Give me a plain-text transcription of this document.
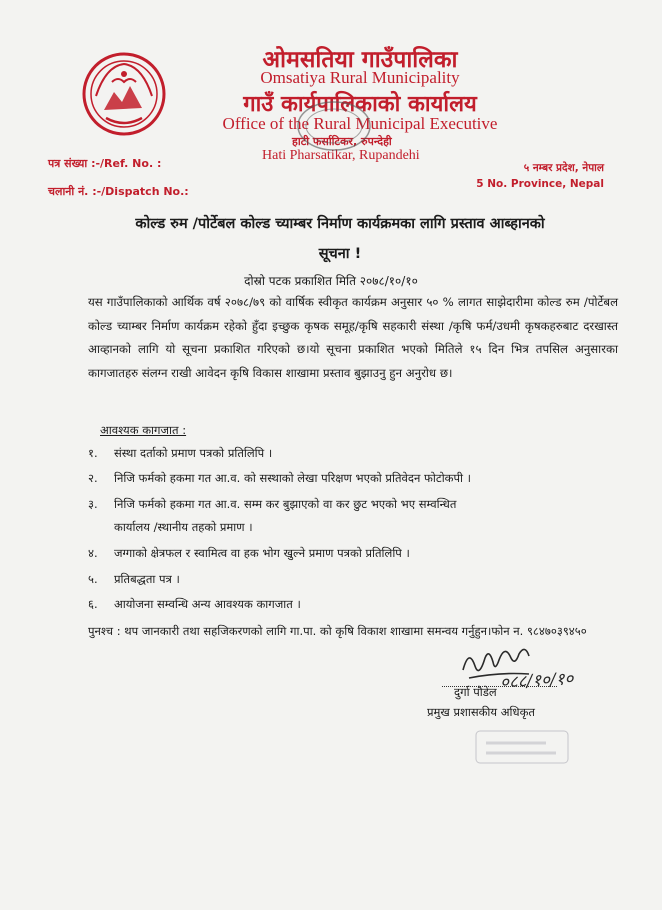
ओमसतिया गाउँपालिका
Omsatiya Rural Municipality
गाउँ कार्यपालिकाको कार्यालय
Office of the Rural Municipal Executive
हाटी फर्साटिकर, रुपन्देही
Hati Pharsatikar, Rupandehi
पत्र संख्या :-/Ref. No. :
चलानी नं. :-/Dispatch No.:
५ नम्बर प्रदेश, नेपाल
5 No. Province, Nepal
कोल्ड रुम /पोर्टेबल कोल्ड च्याम्बर निर्माण कार्यक्रमका लागि प्रस्ताव आब्हानको
सूचना !
दोस्रो पटक प्रकाशित मिति २०७८/१०/१०
यस गाउँपालिकाको आर्थिक वर्ष २०७८/७९ को वार्षिक स्वीकृत कार्यक्रम अनुसार ५० % लागत साझेदारीमा कोल्ड रुम /पोर्टेबल कोल्ड च्याम्बर निर्माण कार्यक्रम रहेको हुँदा इच्छुक कृषक समूह/कृषि सहकारी संस्था /कृषि फर्म/उधमी कृषकहरुबाट दरखास्त आव्हानको लागि यो सूचना प्रकाशित गरिएको छ।यो सूचना प्रकाशित भएको मितिले १५ दिन भित्र तपसिल अनुसारका कागजातहरु संलग्न राखी आवेदन कृषि विकास शाखामा प्रस्ताव बुझाउनु हुन अनुरोध छ।
आवश्यक कागजात :
१. संस्था दर्ताको प्रमाण पत्रको प्रतिलिपि ।
२. निजि फर्मको हकमा गत आ.व. को सस्थाको लेखा परिक्षण भएको प्रतिवेदन फोटोकपी ।
३. निजि फर्मको हकमा गत आ.व. सम्म कर बुझाएको वा कर छुट भएको भए सम्वन्धित
कार्यालय /स्थानीय तहको प्रमाण ।
४. जग्गाको क्षेत्रफल र स्वामित्व वा हक भोग खुल्ने प्रमाण पत्रको प्रतिलिपि ।
५. प्रतिबद्धता पत्र ।
६. आयोजना सम्वन्धि अन्य आवश्यक कागजात ।
पुनश्च : थप जानकारी तथा सहजिकरणको लागि गा.पा. को कृषि विकाश शाखामा समन्वय गर्नुहुन।फोन न. ९८४७०३९४५०
०८८/१०/१०
दुर्गा पौडेल
प्रमुख प्रशासकीय अधिकृत
